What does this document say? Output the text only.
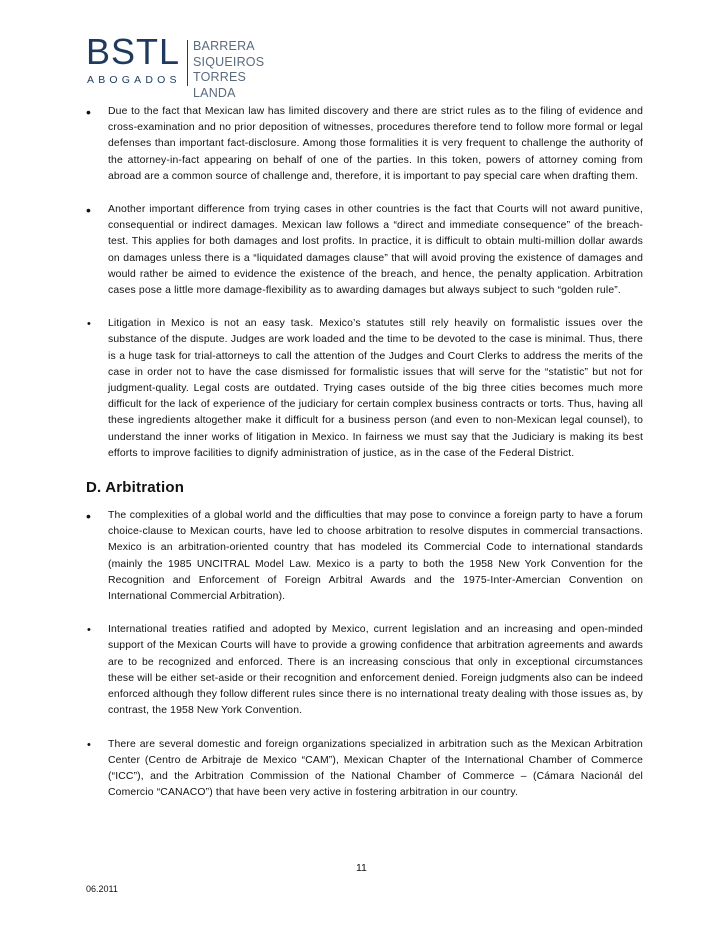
BSTL
ABOGADOS
BARRERA
SIQUEIROS
TORRES LANDA
• Due to the fact that Mexican law has limited discovery and there are strict rules as to the filing of evidence and cross-examination and no prior deposition of witnesses, procedures therefore tend to follow more formal or legal defenses than important fact-disclosure. Among those formalities it is very frequent to challenge the authority of the attorney-in-fact appearing on behalf of one of the parties. In this token, powers of attorney coming from abroad are a common source of challenge and, therefore, it is important to pay special care when drafting them.
• Another important difference from trying cases in other countries is the fact that Courts will not award punitive, consequential or indirect damages. Mexican law follows a “direct and immediate consequence” of the breach-test. This applies for both damages and lost profits. In practice, it is difficult to obtain multi-million dollar awards on damages unless there is a “liquidated damages clause” that will avoid proving the existence of damages and would rather be aimed to evidence the existence of the breach, and hence, the penalty application. Arbitration cases pose a little more damage-flexibility as to awarding damages but always subject to such “golden rule”.
• Litigation in Mexico is not an easy task. Mexico’s statutes still rely heavily on formalistic issues over the substance of the dispute. Judges are work loaded and the time to be devoted to the case is minimal. Thus, there is a huge task for trial-attorneys to call the attention of the Judges and Court Clerks to address the merits of the case in order not to have the case dismissed for formalistic issues that will serve for the “statistic” but not for judgment-quality. Legal costs are outdated. Trying cases outside of the big three cities becomes much more difficult for the lack of experience of the judiciary for certain complex business contracts or torts. Thus, having all these ingredients altogether make it difficult for a business person (and even to non-Mexican legal counsel), to understand the inner works of litigation in Mexico. In fairness we must say that the Judiciary is making its best efforts to improve facilities to dignify administration of justice, as in the case of the Federal District.
D. Arbitration
• The complexities of a global world and the difficulties that may pose to convince a foreign party to have a forum choice-clause to Mexican courts, have led to choose arbitration to resolve disputes in commercial transactions. Mexico is an arbitration-oriented country that has modeled its Commercial Code to international standards (mainly the 1985 UNCITRAL Model Law. Mexico is a party to both the 1958 New York Convention for the Recognition and Enforcement of Foreign Arbitral Awards and the 1975-Inter-Amercian Convention on International Commercial Arbitration).
• International treaties ratified and adopted by Mexico, current legislation and an increasing and open-minded support of the Mexican Courts will have to provide a growing confidence that arbitration agreements and awards are to be recognized and enforced. There is an increasing conscious that only in exceptional circumstances these will be either set-aside or their recognition and enforcement denied. Foreign judgments also can be indeed enforced although they follow different rules since there is no international treaty dealing with those issues as, by contrast, the 1958 New York Convention.
• There are several domestic and foreign organizations specialized in arbitration such as the Mexican Arbitration Center (Centro de Arbitraje de Mexico “CAM”), Mexican Chapter of the International Chamber of Commerce (“ICC”), and the Arbitration Commission of the National Chamber of Commerce – (Cámara Nacionál del Comercio “CANACO”) that have been very active in fostering arbitration in our country.
11
06.2011
